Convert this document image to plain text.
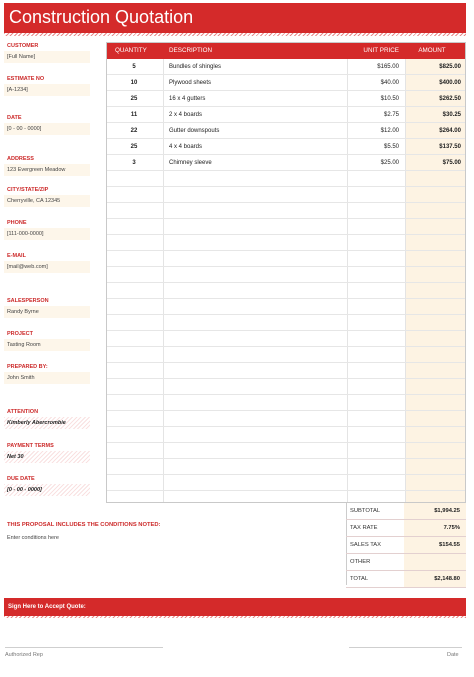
Construction Quotation
CUSTOMER
[Full Name]
ESTIMATE NO
[A-1234]
DATE
[0 - 00 - 0000]
ADDRESS
123 Evergreen Meadow
CITY/STATE/ZIP
Cherryville, CA 12345
PHONE
[111-000-0000]
E-MAIL
[mail@web.com]
SALESPERSON
Randy Byrne
PROJECT
Tasting Room
PREPARED BY:
John Smith
ATTENTION
Kimberly Abercrombie
PAYMENT TERMS
Net 30
DUE DATE
[0 - 00 - 0000]
QUANTITY	DESCRIPTION	UNIT PRICE	AMOUNT
5	Bundles of shingles	$165.00	$825.00
10	Plywood sheets	$40.00	$400.00
25	16 x 4 gutters	$10.50	$262.50
11	2 x 4 boards	$2.75	$30.25
22	Gutter downspouts	$12.00	$264.00
25	4 x 4 boards	$5.50	$137.50
3	Chimney sleeve	$25.00	$75.00
SUBTOTAL	$1,994.25
TAX RATE	7.75%
SALES TAX	$154.55
OTHER
TOTAL	$2,148.80
THIS PROPOSAL INCLUDES THE CONDITIONS NOTED:
Enter conditions here
Sign Here to Accept Quote:
Authorized Rep	Date
